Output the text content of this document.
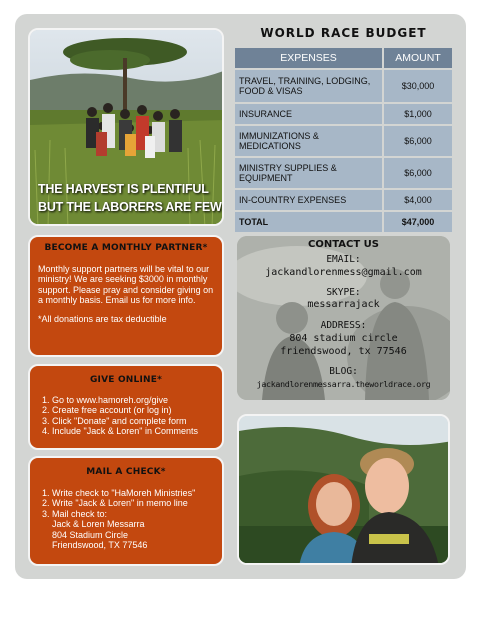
THE HARVEST IS PLENTIFUL
BUT THE LABORERS ARE FEW
WORLD RACE BUDGET
EXPENSES	AMOUNT
TRAVEL, TRAINING, LODGING, FOOD & VISAS	$30,000
INSURANCE	$1,000
IMMUNIZATIONS & MEDICATIONS	$6,000
MINISTRY SUPPLIES & EQUIPMENT	$6,000
IN-COUNTRY EXPENSES	$4,000
TOTAL	$47,000
BECOME A MONTHLY PARTNER*

Monthly support partners will be vital to our ministry! We are seeking $3000 in monthly support. Please pray and consider giving on a monthly basis. Email us for more info.

*All donations are tax deductible

GIVE ONLINE*
1. Go to www.hamoreh.org/give
2. Create free account (or log in)
3. Click "Donate" and complete form
4. Include "Jack & Loren" in Comments
MAIL A CHECK*
1. Write check to "HaMoreh Ministries"
2. Write "Jack & Loren" in memo line
3. Mail check to:
Jack & Loren Messarra
804 Stadium Circle
Friendswood, TX 77546
CONTACT US
EMAIL:
jackandlorenmess@gmail.com
SKYPE:
messarrajack
ADDRESS:
804 stadium circle
friendswood, tx 77546
BLOG:
jackandlorenmessarra.theworldrace.org
